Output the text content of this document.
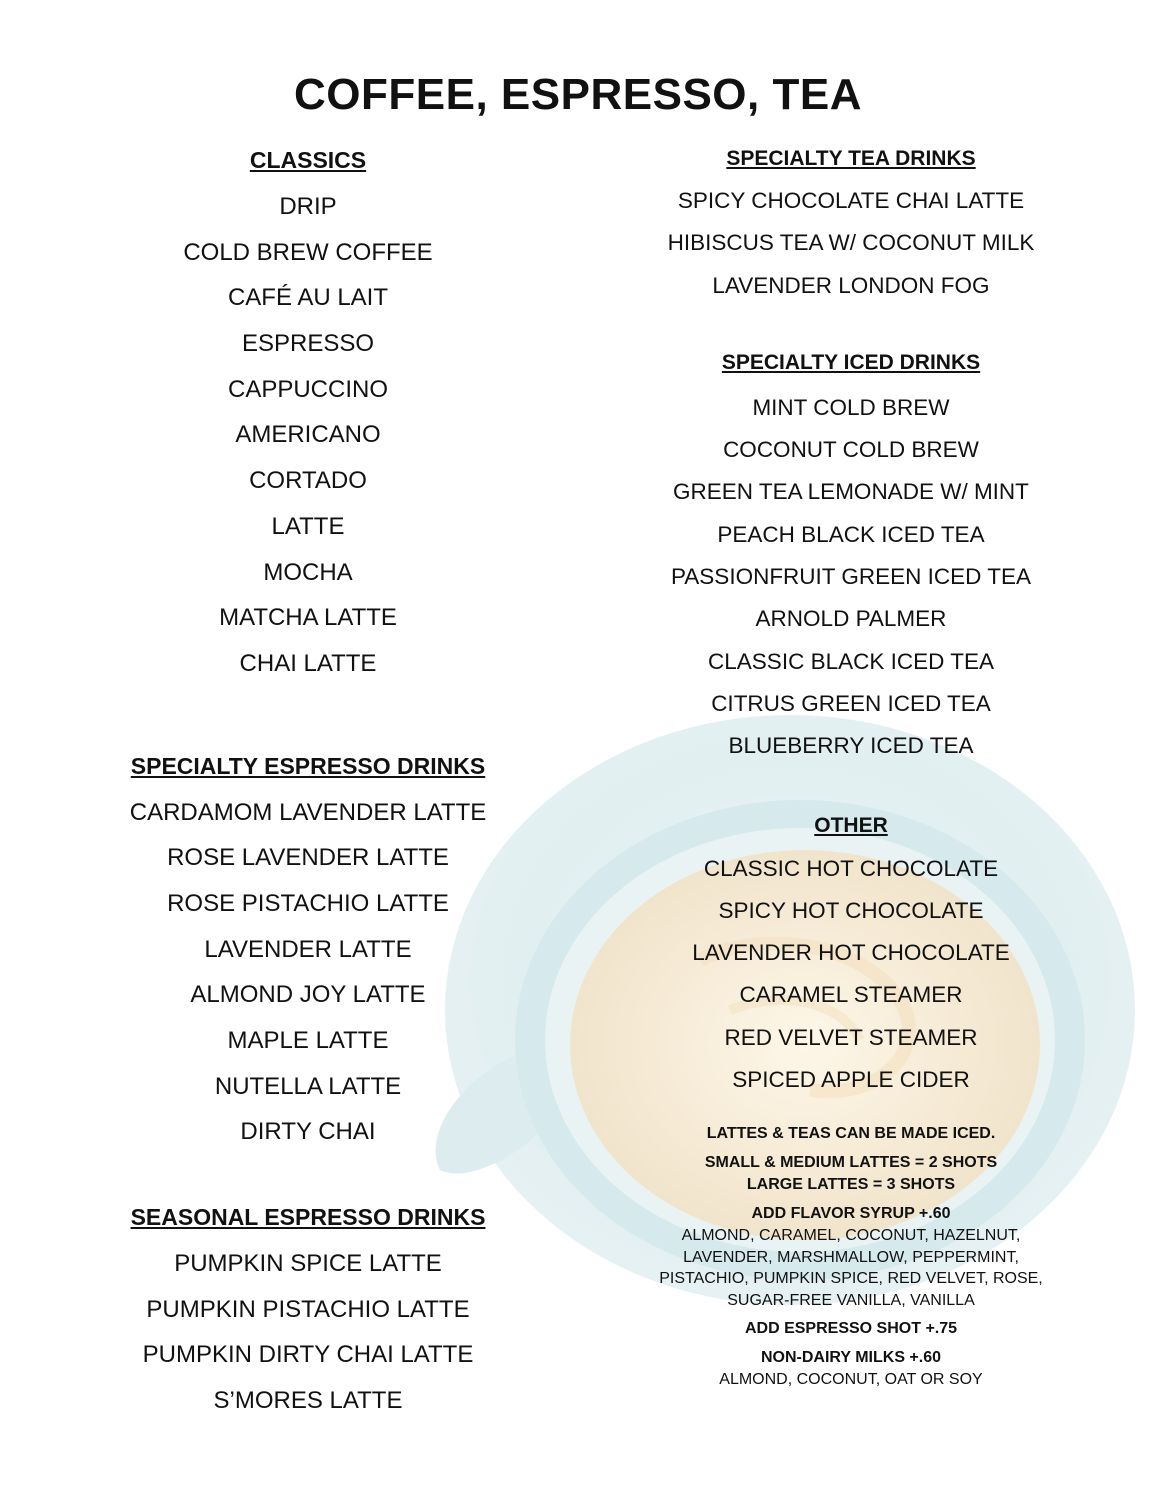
COFFEE, ESPRESSO, TEA
CLASSICS
DRIP
COLD BREW COFFEE
CAFÉ AU LAIT
ESPRESSO
CAPPUCCINO
AMERICANO
CORTADO
LATTE
MOCHA
MATCHA LATTE
CHAI LATTE
SPECIALTY ESPRESSO DRINKS
CARDAMOM LAVENDER LATTE
ROSE LAVENDER LATTE
ROSE PISTACHIO LATTE
LAVENDER LATTE
ALMOND JOY LATTE
MAPLE LATTE
NUTELLA LATTE
DIRTY CHAI
SEASONAL ESPRESSO DRINKS
PUMPKIN SPICE LATTE
PUMPKIN PISTACHIO LATTE
PUMPKIN DIRTY CHAI LATTE
S’MORES LATTE
SPECIALTY TEA DRINKS
SPICY CHOCOLATE CHAI LATTE
HIBISCUS TEA W/ COCONUT MILK
LAVENDER LONDON FOG
SPECIALTY ICED DRINKS
MINT COLD BREW
COCONUT COLD BREW
GREEN TEA LEMONADE W/ MINT
PEACH BLACK ICED TEA
PASSIONFRUIT GREEN ICED TEA
ARNOLD PALMER
CLASSIC BLACK ICED TEA
CITRUS GREEN ICED TEA
BLUEBERRY ICED TEA
OTHER
CLASSIC HOT CHOCOLATE
SPICY HOT CHOCOLATE
LAVENDER HOT CHOCOLATE
CARAMEL STEAMER
RED VELVET STEAMER
SPICED APPLE CIDER
LATTES & TEAS CAN BE MADE ICED.
SMALL & MEDIUM LATTES = 2 SHOTS
LARGE LATTES = 3 SHOTS
ADD FLAVOR SYRUP +.60
ALMOND, CARAMEL, COCONUT, HAZELNUT,
LAVENDER, MARSHMALLOW, PEPPERMINT,
PISTACHIO, PUMPKIN SPICE, RED VELVET, ROSE,
SUGAR-FREE VANILLA, VANILLA
ADD ESPRESSO SHOT +.75
NON-DAIRY MILKS +.60
ALMOND, COCONUT, OAT OR SOY
